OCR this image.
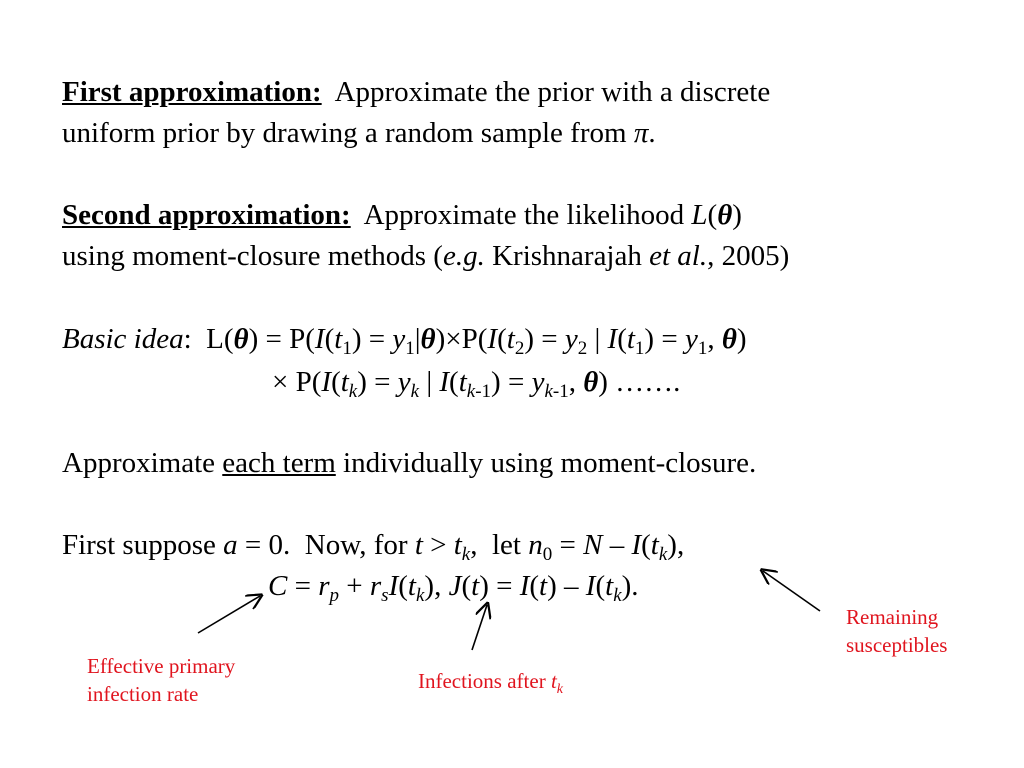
First approximation: Approximate the prior with a discrete
uniform prior by drawing a random sample from π.
Second approximation: Approximate the likelihood L(θ)
using moment-closure methods (e.g. Krishnarajah et al., 2005)
Basic idea: $L(\theta) = P(I(t_1) = y_1|\theta)\times P(I(t_2) = y_2$ | $I(t_1) = y_1$, θ)
× $P(I(t_k) = y_k$ | $I(t_{k-1}) = y_{k-1}$, θ) …….
Approximate each term individually using moment-closure.
First suppose a = 0.  Now, for $t > t_k$,  let $n_0 = N - I(t_k)$,
$C = r_p + r_sI(t_k)$, $J(t) = I(t) - I(t_k)$.
Effective primary
infection rate
Infections after $t_k$
Remaining
susceptibles
